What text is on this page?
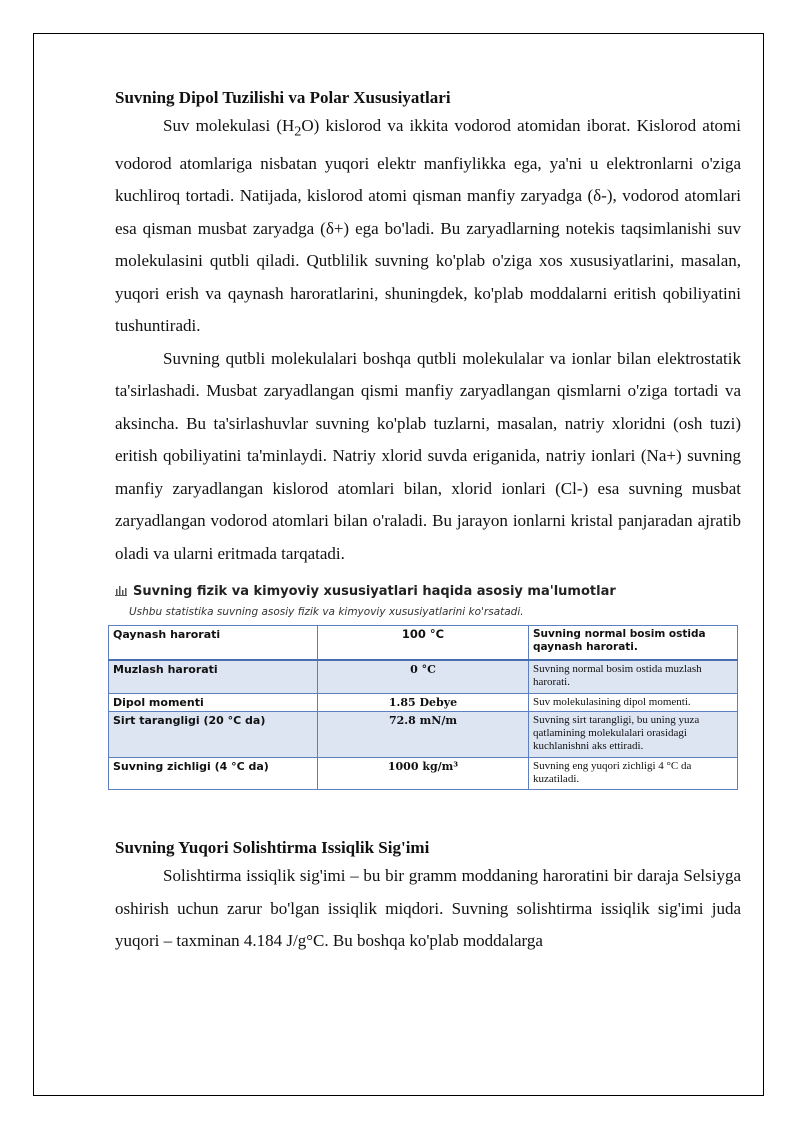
Suvning Dipol Tuzilishi va Polar Xususiyatlari

Suv molekulasi $(H_2O)$ kislorod va ikkita vodorod atomidan iborat. Kislorod atomi vodorod atomlariga nisbatan yuqori elektr manfiylikka ega, ya'ni u elektronlarni o'ziga kuchliroq tortadi. Natijada, kislorod atomi qisman manfiy zaryadga (δ-), vodorod atomlari esa qisman musbat zaryadga (δ+) ega bo'ladi. Bu zaryadlarning notekis taqsimlanishi suv molekulasini qutbli qiladi. Qutblilik suvning ko'plab o'ziga xos xususiyatlarini, masalan, yuqori erish va qaynash haroratlarini, shuningdek, ko'plab moddalarni eritish qobiliyatini tushuntiradi.

Suvning qutbli molekulalari boshqa qutbli molekulalar va ionlar bilan elektrostatik ta'sirlashadi. Musbat zaryadlangan qismi manfiy zaryadlangan qismlarni o'ziga tortadi va aksincha. Bu ta'sirlashuvlar suvning ko'plab tuzlarni, masalan, natriy xloridni (osh tuzi) eritish qobiliyatini ta'minlaydi. Natriy xlorid suvda eriganida, natriy ionlari (Na+) suvning manfiy zaryadlangan kislorod atomlari bilan, xlorid ionlari (Cl-) esa suvning musbat zaryadlangan vodorod atomlari bilan o'raladi. Bu jarayon ionlarni kristal panjaradan ajratib oladi va ularni eritmada tarqatadi.

Suvning fizik va kimyoviy xususiyatlari haqida asosiy ma'lumotlar
Ushbu statistika suvning asosiy fizik va kimyoviy xususiyatlarini ko'rsatadi.
Qaynash harorati	100 °C	Suvning normal bosim ostida qaynash harorati.
Muzlash harorati	0 °C	Suvning normal bosim ostida muzlash harorati.
Dipol momenti	1.85 Debye	Suv molekulasining dipol momenti.
Sirt tarangligi (20 °C da)	72.8 mN/m	Suvning sirt tarangligi, bu uning yuza qatlamining molekulalari orasidagi kuchlanishni aks ettiradi.
Suvning zichligi (4 °C da)	1000 kg/m³	Suvning eng yuqori zichligi 4 °C da kuzatiladi.
Suvning Yuqori Solishtirma Issiqlik Sig'imi

Solishtirma issiqlik sig'imi – bu bir gramm moddaning haroratini bir daraja Selsiyga oshirish uchun zarur bo'lgan issiqlik miqdori. Suvning solishtirma issiqlik sig'imi juda yuqori – taxminan 4.184 J/g°C. Bu boshqa ko'plab moddalarga
